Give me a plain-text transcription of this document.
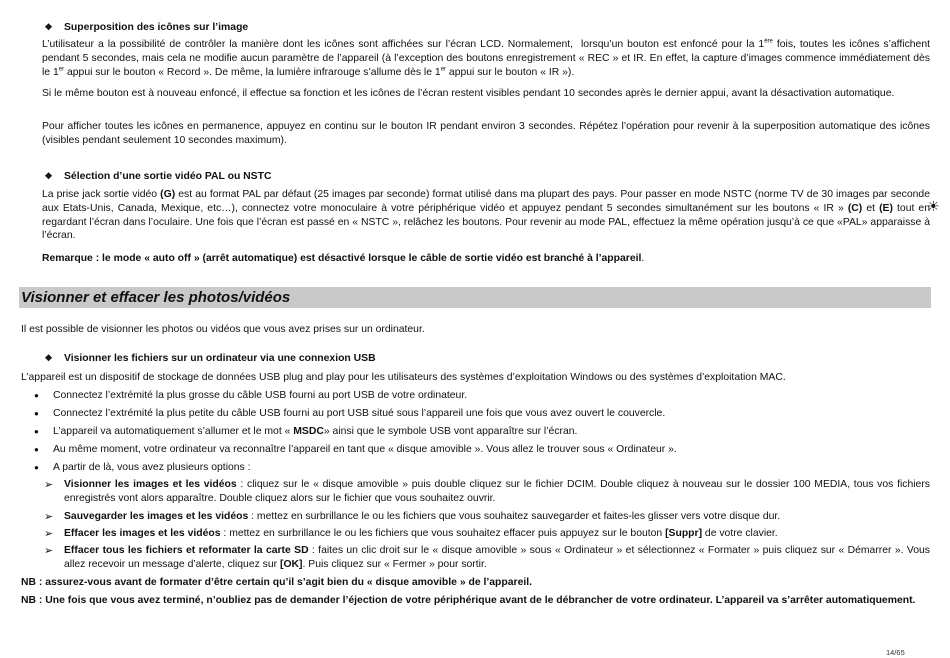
❖ Superposition des icônes sur l’image

L’utilisateur a la possibilité de contrôler la manière dont les icônes sont affichées sur l’écran LCD. Normalement,  lorsqu’un bouton est enfoncé pour la 1ère fois, toutes les icônes s’affichent pendant 5 secondes, mais cela ne modifie aucun paramètre de l’appareil (à l’exception des boutons enregistrement « REC » et IR. En effet, la capture d’images commence immédiatement dès le 1er appui sur le bouton « Record ». De même, la lumière infrarouge s’allume dès le 1er appui sur le bouton « IR »).

Si le même bouton est à nouveau enfoncé, il effectue sa fonction et les icônes de l’écran restent visibles pendant 10 secondes après le dernier appui, avant la désactivation automatique.

Pour afficher toutes les icônes en permanence, appuyez en continu sur le bouton IR pendant environ 3 secondes. Répétez l’opération pour revenir à la superposition automatique des icônes (visibles pendant seulement 10 secondes maximum).

❖ Sélection d’une sortie vidéo PAL ou NSTC

La prise jack sortie vidéo (G) est au format PAL par défaut (25 images par seconde) format utilisé dans ma plupart des pays. Pour passer en mode NSTC (norme TV de 30 images par seconde aux Etats-Unis, Canada, Mexique, etc…), connectez votre monoculaire à votre périphérique vidéo et appuyez pendant 5 secondes simultanément sur les boutons « IR » (C) et (E) tout en regardant l’écran dans l’oculaire. Une fois que l’écran est passé en « NSTC », relâchez les boutons. Pour revenir au mode PAL, effectuez la même opération jusqu’à ce que «PAL» apparaisse à l’écran.

☀

Remarque : le mode « auto off » (arrêt automatique) est désactivé lorsque le câble de sortie vidéo est branché à l’appareil.

Visionner et effacer les photos/vidéos

Il est possible de visionner les photos ou vidéos que vous avez prises sur un ordinateur.

❖ Visionner les fichiers sur un ordinateur via une connexion USB

L’appareil est un dispositif de stockage de données USB plug and play pour les utilisateurs des systèmes d’exploitation Windows ou des systèmes d’exploitation MAC.

●	Connectez l’extrémité la plus grosse du câble USB fourni au port USB de votre ordinateur.
●	Connectez l’extrémité la plus petite du câble USB fourni au port USB situé sous l’appareil une fois que vous avez ouvert le couvercle.
●	L’appareil va automatiquement s’allumer et le mot « MSDC» ainsi que le symbole USB vont apparaître sur l’écran.
●	Au même moment, votre ordinateur va reconnaître l’appareil en tant que « disque amovible ». Vous allez le trouver sous « Ordinateur ».
●	A partir de là, vous avez plusieurs options :
➢	Visionner les images et les vidéos : cliquez sur le « disque amovible » puis double cliquez sur le fichier DCIM. Double cliquez à nouveau sur le dossier 100 MEDIA, tous vos fichiers enregistrés vont alors apparaître. Double cliquez alors sur le fichier que vous souhaitez ouvrir.
➢	Sauvegarder les images et les vidéos : mettez en surbrillance le ou les fichiers que vous souhaitez sauvegarder et faites-les glisser vers votre disque dur.
➢	Effacer les images et les vidéos : mettez en surbrillance le ou les fichiers que vous souhaitez effacer puis appuyez sur le bouton [Suppr] de votre clavier.
➢	Effacer tous les fichiers et reformater la carte SD : faites un clic droit sur le « disque amovible » sous « Ordinateur » et sélectionnez « Formater » puis cliquez sur « Démarrer ». Vous allez recevoir un message d’alerte, cliquez sur [OK]. Puis cliquez sur « Fermer » pour sortir.

NB : assurez-vous avant de formater d’être certain qu’il s’agit bien du « disque amovible » de l’appareil.

NB : Une fois que vous avez terminé, n’oubliez pas de demander l’éjection de votre périphérique avant de le débrancher de votre ordinateur. L’appareil va s’arrêter automatiquement.

14/65
